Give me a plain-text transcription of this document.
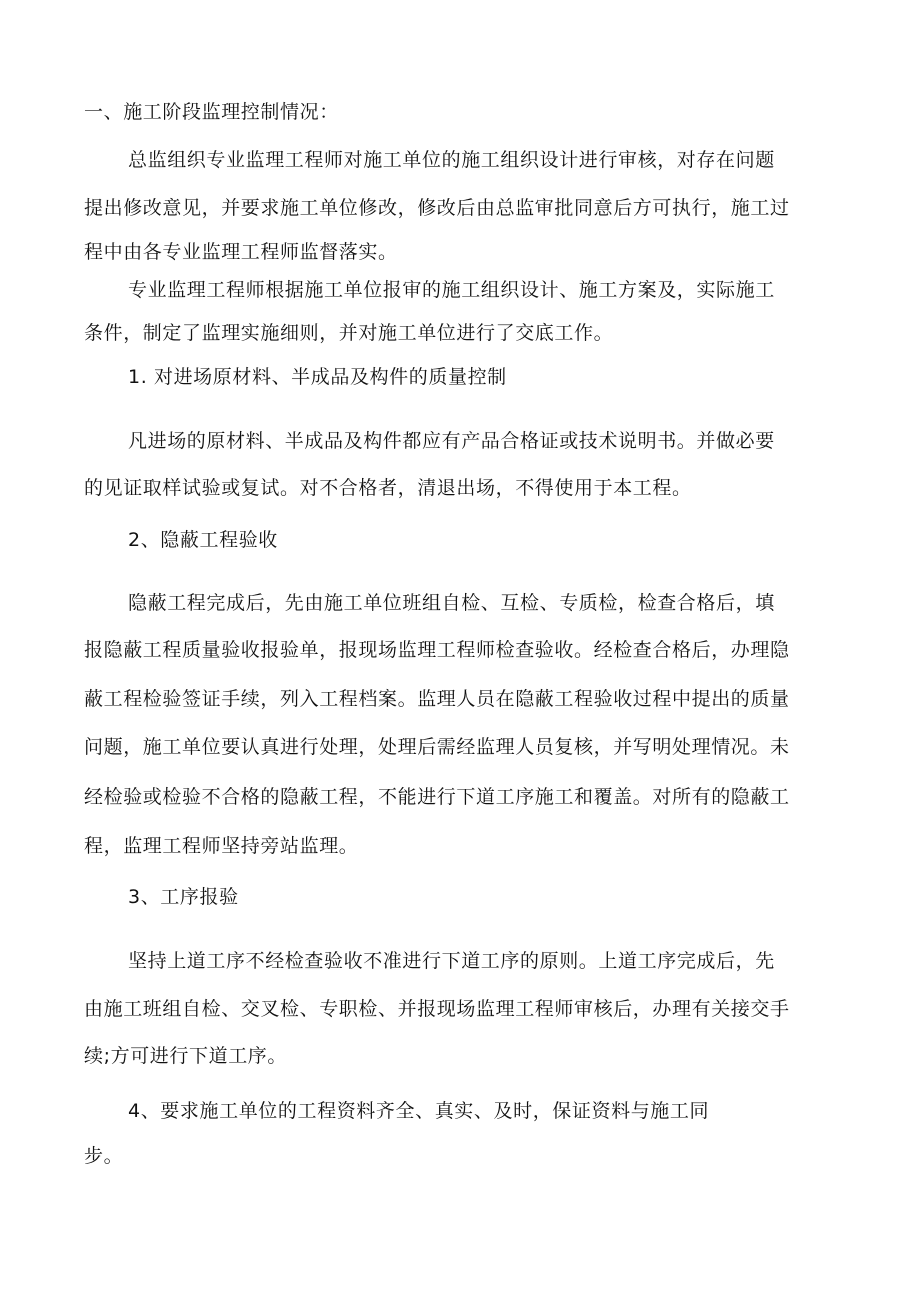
一、施工阶段监理控制情况：
总监组织专业监理工程师对施工单位的施工组织设计进行审核，对存在问题
提出修改意见，并要求施工单位修改，修改后由总监审批同意后方可执行，施工过
程中由各专业监理工程师监督落实。
专业监理工程师根据施工单位报审的施工组织设计、施工方案及，实际施工
条件，制定了监理实施细则，并对施工单位进行了交底工作。
1. 对进场原材料、半成品及构件的质量控制
凡进场的原材料、半成品及构件都应有产品合格证或技术说明书。并做必要
的见证取样试验或复试。对不合格者，清退出场，不得使用于本工程。
2、隐蔽工程验收
隐蔽工程完成后，先由施工单位班组自检、互检、专质检，检查合格后，填
报隐蔽工程质量验收报验单，报现场监理工程师检查验收。经检查合格后，办理隐
蔽工程检验签证手续，列入工程档案。监理人员在隐蔽工程验收过程中提出的质量
问题，施工单位要认真进行处理，处理后需经监理人员复核，并写明处理情况。未
经检验或检验不合格的隐蔽工程，不能进行下道工序施工和覆盖。对所有的隐蔽工
程，监理工程师坚持旁站监理。
3、工序报验
坚持上道工序不经检查验收不准进行下道工序的原则。上道工序完成后，先
由施工班组自检、交叉检、专职检、并报现场监理工程师审核后，办理有关接交手
续;方可进行下道工序。
4、要求施工单位的工程资料齐全、真实、及时，保证资料与施工同
步。
